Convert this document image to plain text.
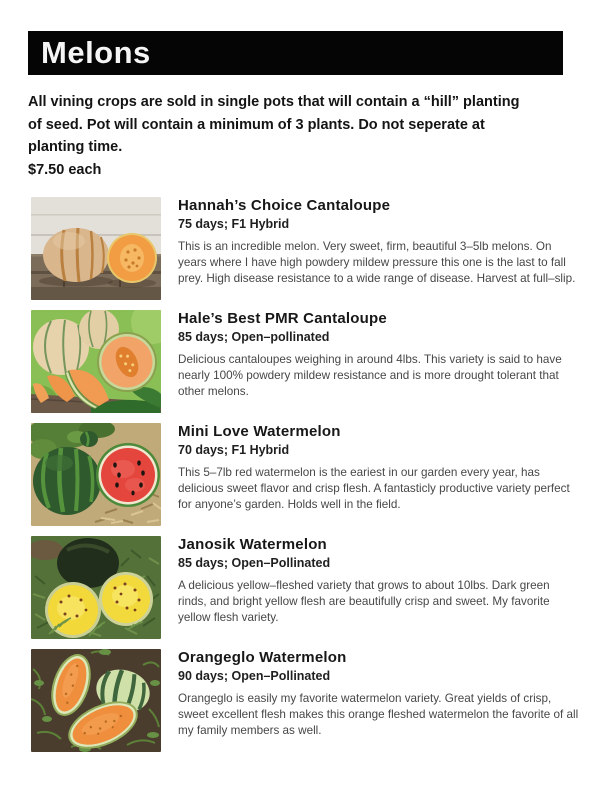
Melons
All vining crops are sold in single pots that will contain a “hill” planting of seed. Pot will contain a minimum of 3 plants. Do not seperate at planting time.
$7.50 each
Hannah’s Choice Cantaloupe

75 days; F1 Hybrid

This is an incredible melon. Very sweet, firm, beautiful 3–5lb melons. On years where I have high powdery mildew pressure this one is the last to fall prey. High disease resistance to a wide range of disease. Harvest at full–slip.

Hale’s Best PMR Cantaloupe

85 days; Open–pollinated

Delicious cantaloupes weighing in around 4lbs. This variety is said to have nearly 100% powdery mildew resistance and is more drought tolerant that other melons.

Mini Love Watermelon

70 days; F1 Hybrid

This 5–7lb red watermelon is the eariest in our garden every year, has delicious sweet flavor and crisp flesh. A fantasticly productive variety perfect for anyone’s garden. Holds well in the field.

Janosik Watermelon

85 days; Open–Pollinated

A delicious yellow–fleshed variety that grows to about 10lbs. Dark green rinds, and bright yellow flesh are beautifully crisp and sweet. My favorite yellow flesh variety.

Orangeglo Watermelon

90 days; Open–Pollinated

Orangeglo is easily my favorite watermelon variety. Great yields of crisp, sweet excellent flesh makes this orange fleshed watermelon the favorite of all my family members as well.
